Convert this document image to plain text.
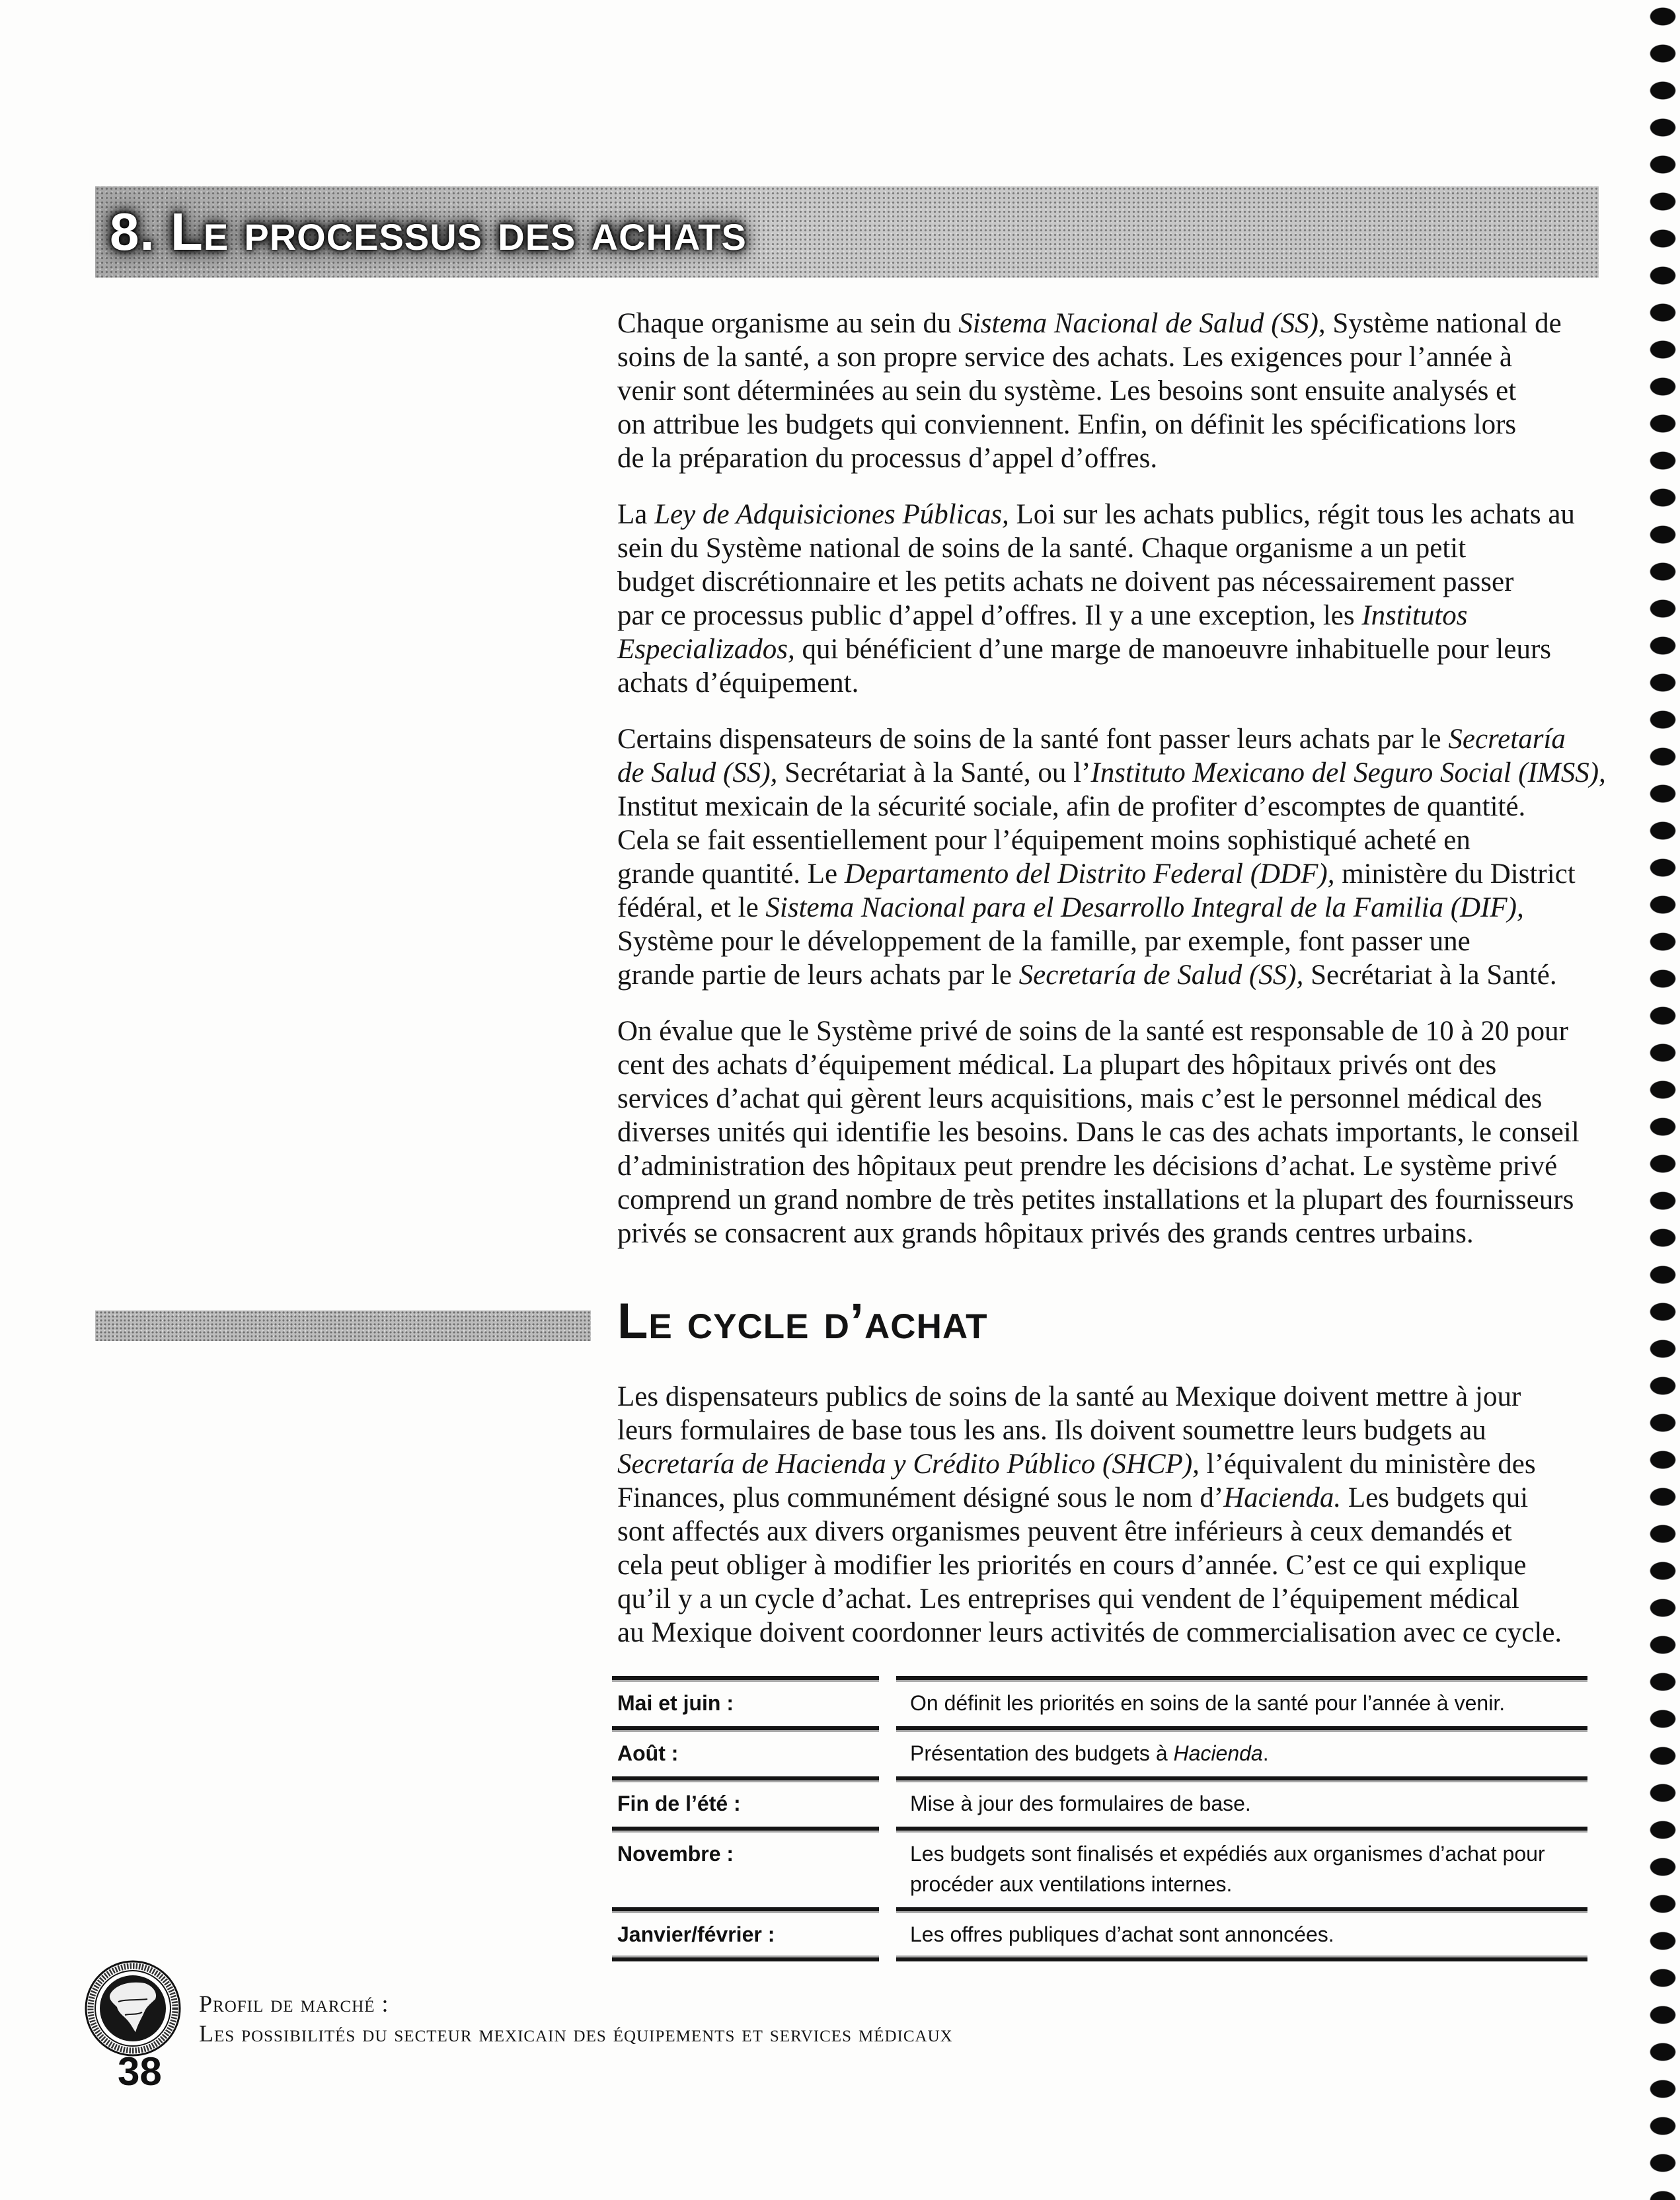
8. Le processus des achats
Chaque organisme au sein du Sistema Nacional de Salud (SS), Système national de
soins de la santé, a son propre service des achats. Les exigences pour l’année à
venir sont déterminées au sein du système. Les besoins sont ensuite analysés et
on attribue les budgets qui conviennent. Enfin, on définit les spécifications lors
de la préparation du processus d’appel d’offres.
La Ley de Adquisiciones Públicas, Loi sur les achats publics, régit tous les achats au
sein du Système national de soins de la santé. Chaque organisme a un petit
budget discrétionnaire et les petits achats ne doivent pas nécessairement passer
par ce processus public d’appel d’offres. Il y a une exception, les Institutos
Especializados, qui bénéficient d’une marge de manoeuvre inhabituelle pour leurs
achats d’équipement.
Certains dispensateurs de soins de la santé font passer leurs achats par le Secretaría
de Salud (SS), Secrétariat à la Santé, ou l’Instituto Mexicano del Seguro Social (IMSS),
Institut mexicain de la sécurité sociale, afin de profiter d’escomptes de quantité.
Cela se fait essentiellement pour l’équipement moins sophistiqué acheté en
grande quantité. Le Departamento del Distrito Federal (DDF), ministère du District
fédéral, et le Sistema Nacional para el Desarrollo Integral de la Familia (DIF),
Système pour le développement de la famille, par exemple, font passer une
grande partie de leurs achats par le Secretaría de Salud (SS), Secrétariat à la Santé.
On évalue que le Système privé de soins de la santé est responsable de 10 à 20 pour
cent des achats d’équipement médical. La plupart des hôpitaux privés ont des
services d’achat qui gèrent leurs acquisitions, mais c’est le personnel médical des
diverses unités qui identifie les besoins. Dans le cas des achats importants, le conseil
d’administration des hôpitaux peut prendre les décisions d’achat. Le système privé
comprend un grand nombre de très petites installations et la plupart des fournisseurs
privés se consacrent aux grands hôpitaux privés des grands centres urbains.
Le cycle d’achat
Les dispensateurs publics de soins de la santé au Mexique doivent mettre à jour
leurs formulaires de base tous les ans. Ils doivent soumettre leurs budgets au
Secretaría de Hacienda y Crédito Público (SHCP), l’équivalent du ministère des
Finances, plus communément désigné sous le nom d’Hacienda. Les budgets qui
sont affectés aux divers organismes peuvent être inférieurs à ceux demandés et
cela peut obliger à modifier les priorités en cours d’année. C’est ce qui explique
qu’il y a un cycle d’achat. Les entreprises qui vendent de l’équipement médical
au Mexique doivent coordonner leurs activités de commercialisation avec ce cycle.
Mai et juin :	On définit les priorités en soins de la santé pour l’année à venir.
Août :	Présentation des budgets à Hacienda.
Fin de l’été :	Mise à jour des formulaires de base.
Novembre :	Les budgets sont finalisés et expédiés aux organismes d’achat pour
procéder aux ventilations internes.
Janvier/février :	Les offres publiques d’achat sont annoncées.
Profil de marché :
Les possibilités du secteur mexicain des équipements et services médicaux
38
